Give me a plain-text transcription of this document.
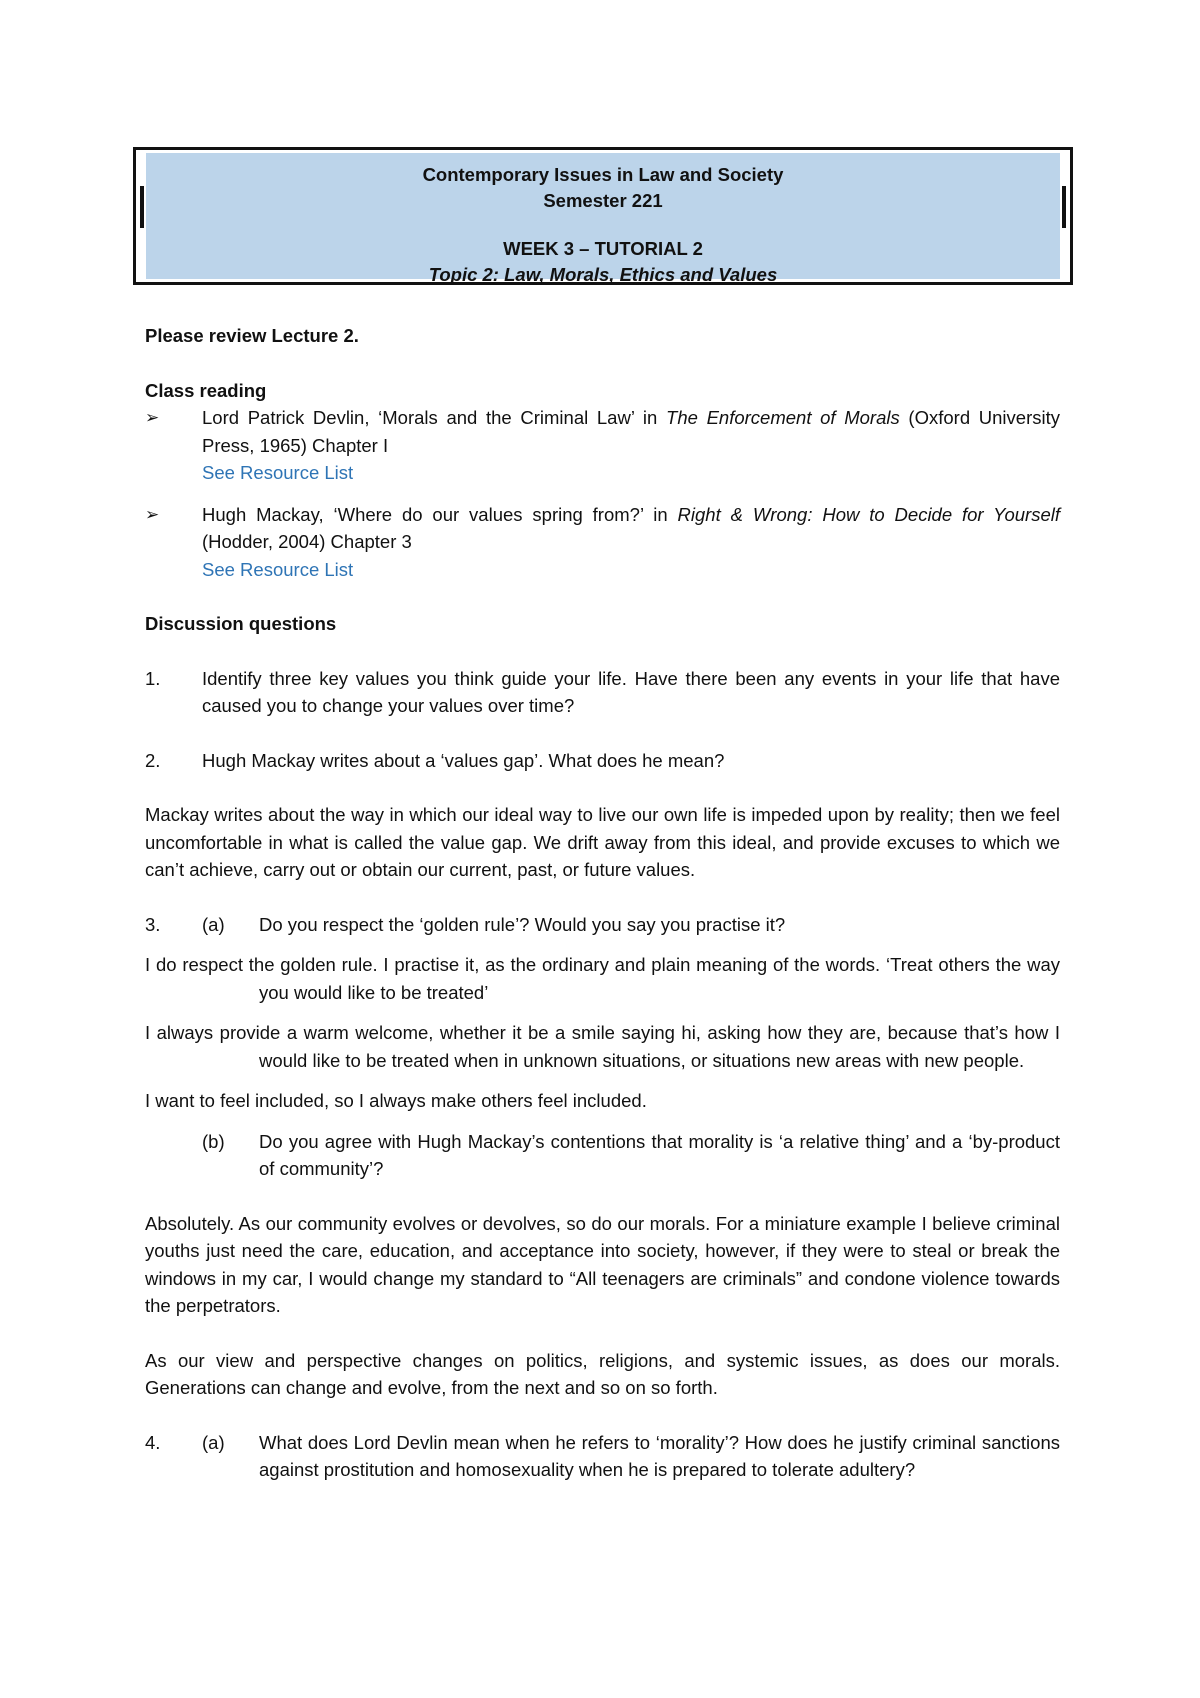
Contemporary Issues in Law and Society
Semester 221
WEEK 3 – TUTORIAL 2
Topic 2: Law, Morals, Ethics and Values

Please review Lecture 2.

Class reading

➢ Lord Patrick Devlin, ‘Morals and the Criminal Law’ in The Enforcement of Morals (Oxford University Press, 1965) Chapter I
See Resource List
➢ Hugh Mackay, ‘Where do our values spring from?’ in Right & Wrong: How to Decide for Yourself (Hodder, 2004) Chapter 3
See Resource List

Discussion questions

1. Identify three key values you think guide your life. Have there been any events in your life that have caused you to change your values over time?
2. Hugh Mackay writes about a ‘values gap’. What does he mean?

Mackay writes about the way in which our ideal way to live our own life is impeded upon by reality; then we feel uncomfortable in what is called the value gap. We drift away from this ideal, and provide excuses to which we can’t achieve, carry out or obtain our current, past, or future values.

3. (a) Do you respect the ‘golden rule’? Would you say you practise it?

I do respect the golden rule. I practise it, as the ordinary and plain meaning of the words. ‘Treat others the way you would like to be treated’

I always provide a warm welcome, whether it be a smile saying hi, asking how they are, because that’s how I would like to be treated when in unknown situations, or situations new areas with new people.

I want to feel included, so I always make others feel included.

(b) Do you agree with Hugh Mackay’s contentions that morality is ‘a relative thing’ and a ‘by-product of community’?

Absolutely. As our community evolves or devolves, so do our morals. For a miniature example I believe criminal youths just need the care, education, and acceptance into society, however, if they were to steal or break the windows in my car, I would change my standard to “All teenagers are criminals” and condone violence towards the perpetrators.

As our view and perspective changes on politics, religions, and systemic issues, as does our morals. Generations can change and evolve, from the next and so on so forth.

4. (a) What does Lord Devlin mean when he refers to ‘morality’? How does he justify criminal sanctions against prostitution and homosexuality when he is prepared to tolerate adultery?
